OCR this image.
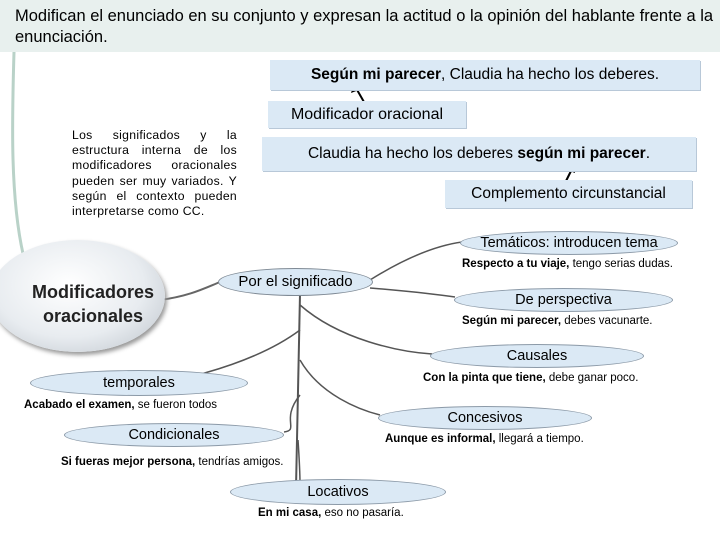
Modifican el enunciado en su conjunto y expresan la actitud o la opinión del hablante frente a la enunciación.
Según mi parecer, Claudia ha hecho los deberes.
Modificador oracional
Claudia ha hecho los deberes según mi parecer.
Complemento circunstancial
Los significados y la estructura interna de los modificadores oracionales pueden ser muy variados. Y según el contexto pueden interpretarse como CC.
Modificadores oracionales
Por el significado
Temáticos: introducen tema
Respecto a tu viaje, tengo serias dudas.
De perspectiva
Según mi parecer, debes vacunarte.
Causales
Con la pinta que tiene, debe ganar poco.
temporales
Acabado el examen, se fueron todos
Concesivos
Aunque es informal, llegará a tiempo.
Condicionales
Si fueras mejor persona, tendrías amigos.
Locativos
En mi casa, eso no pasaría.
